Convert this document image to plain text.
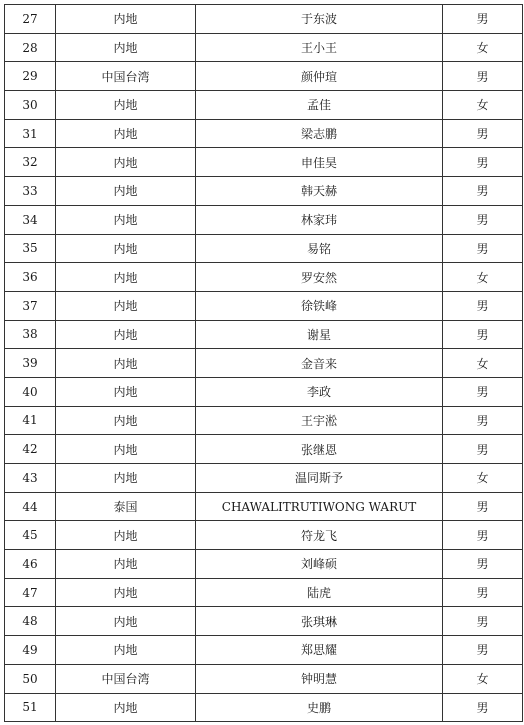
27	内地	于东波	男
28	内地	王小王	女
29	中国台湾	颜仲瑄	男
30	内地	孟佳	女
31	内地	梁志鹏	男
32	内地	申佳昊	男
33	内地	韩天赫	男
34	内地	林家玮	男
35	内地	易铭	男
36	内地	罗安然	女
37	内地	徐铁峰	男
38	内地	谢星	男
39	内地	金音来	女
40	内地	李政	男
41	内地	王宇淞	男
42	内地	张继恩	男
43	内地	温同斯予	女
44	泰国	CHAWALITRUTIWONG WARUT	男
45	内地	符龙飞	男
46	内地	刘峰硕	男
47	内地	陆虎	男
48	内地	张琪琳	男
49	内地	郑思耀	男
50	中国台湾	钟明慧	女
51	内地	史鹏	男
